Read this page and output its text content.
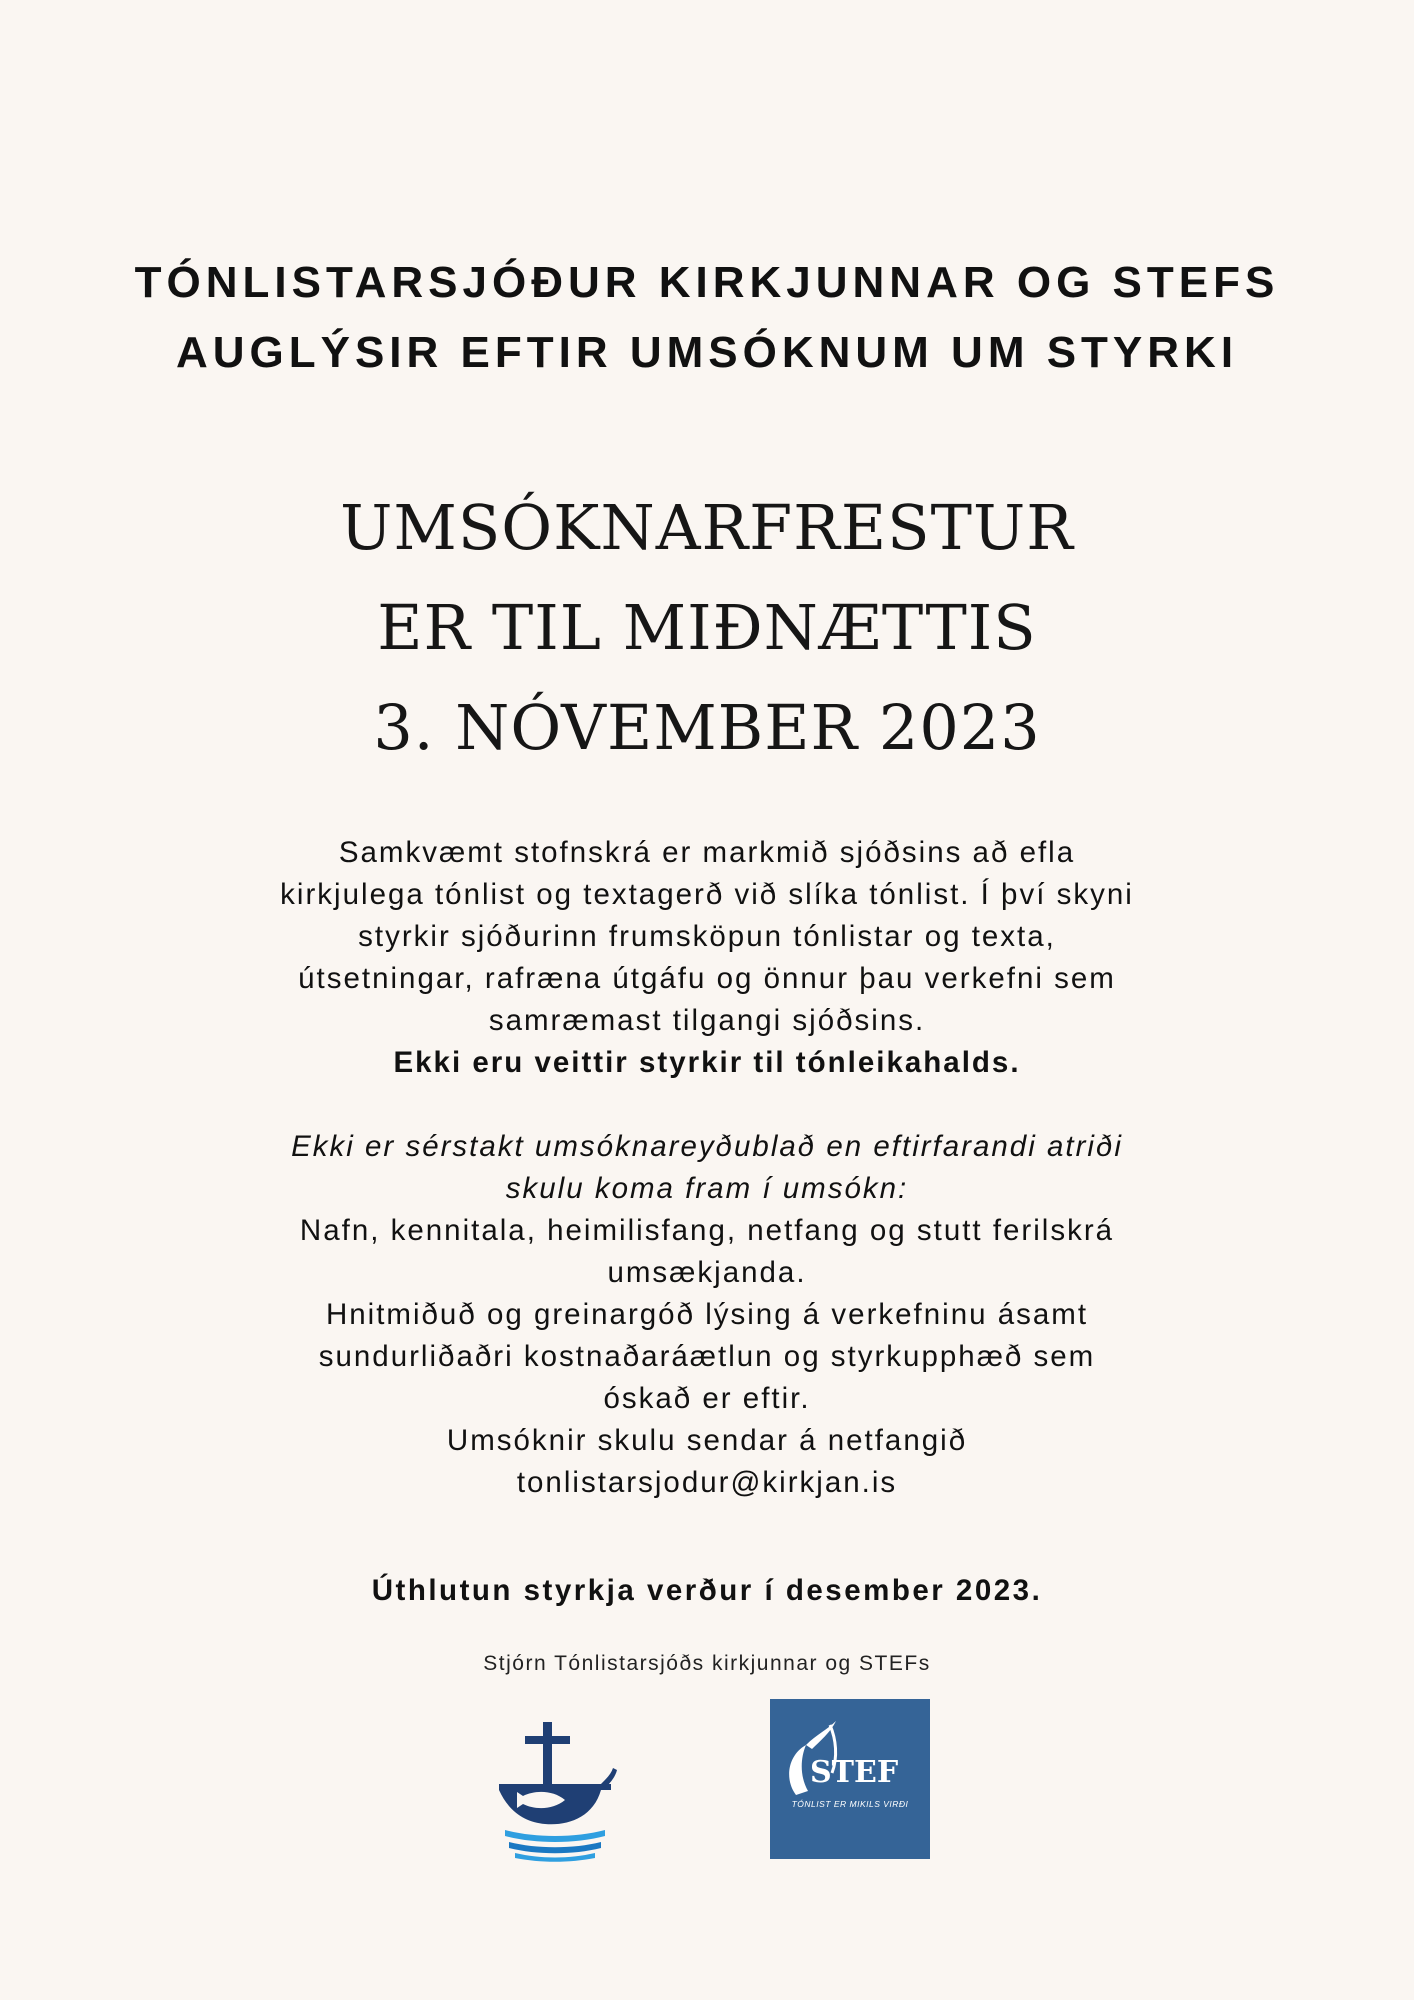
TÓNLISTARSJÓÐUR KIRKJUNNAR OG STEFS
AUGLÝSIR EFTIR UMSÓKNUM UM STYRKI
UMSÓKNARFRESTUR
ER TIL MIÐNÆTTIS
3. NÓVEMBER 2023
Samkvæmt stofnskrá er markmið sjóðsins að efla
kirkjulega tónlist og textagerð við slíka tónlist. Í því skyni
styrkir sjóðurinn frumsköpun tónlistar og texta,
útsetningar, rafræna útgáfu og önnur þau verkefni sem
samræmast tilgangi sjóðsins.
Ekki eru veittir styrkir til tónleikahalds.
Ekki er sérstakt umsóknareyðublað en eftirfarandi atriði
skulu koma fram í umsókn:
Nafn, kennitala, heimilisfang, netfang og stutt ferilskrá
umsækjanda.
Hnitmiðuð og greinargóð lýsing á verkefninu ásamt
sundurliðaðri kostnaðaráætlun og styrkupphæð sem
óskað er eftir.
Umsóknir skulu sendar á netfangið
tonlistarsjodur@kirkjan.is
Úthlutun styrkja verður í desember 2023.
Stjórn Tónlistarsjóðs kirkjunnar og STEFs
STEF
TÓNLIST ER MIKILS VIRÐI
